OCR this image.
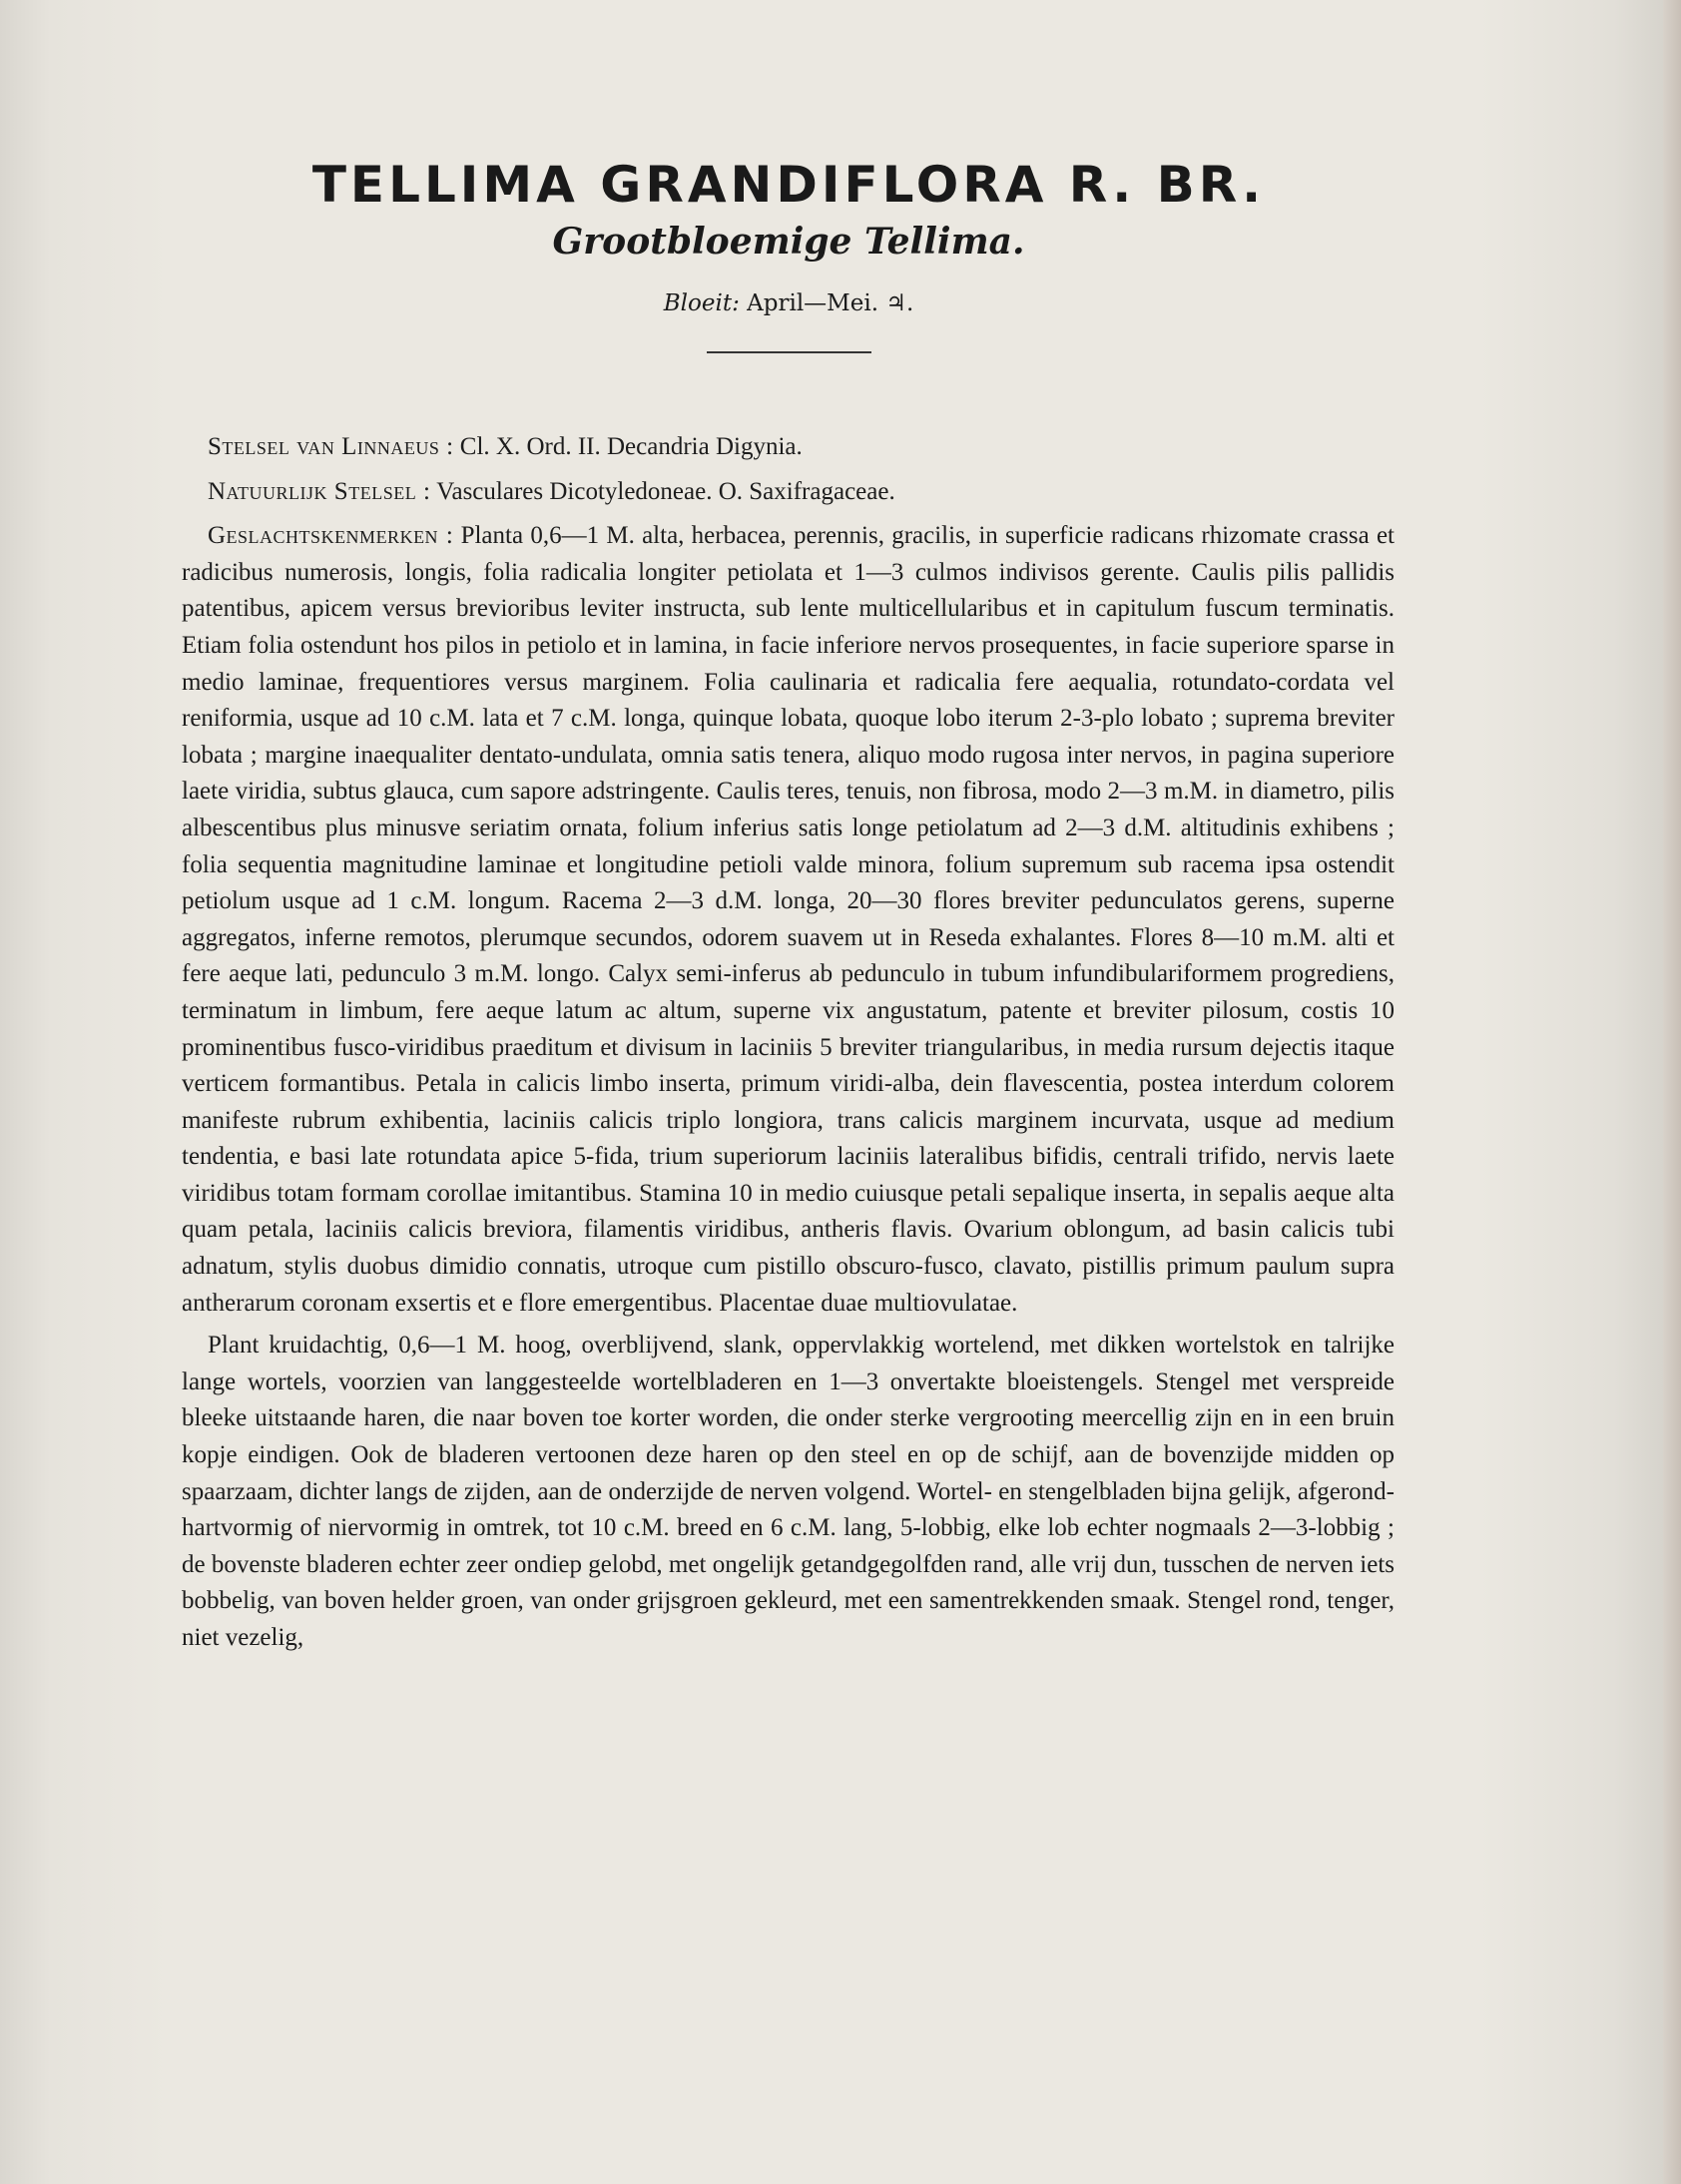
TELLIMA GRANDIFLORA R. BR.
Grootbloemige Tellima.
Bloeit: April—Mei. ♃.

Stelsel van Linnaeus : Cl. X. Ord. II. Decandria Digynia.

Natuurlijk Stelsel : Vasculares Dicotyledoneae. O. Saxifragaceae.

Geslachtskenmerken : Planta 0,6—1 M. alta, herbacea, perennis, gracilis, in superficie radicans rhizomate crassa et radicibus numerosis, longis, folia radicalia longiter petiolata et 1—3 culmos indivisos gerente. Caulis pilis pallidis patentibus, apicem versus brevioribus leviter instructa, sub lente multicellularibus et in capitulum fuscum terminatis. Etiam folia ostendunt hos pilos in petiolo et in lamina, in facie inferiore nervos prosequentes, in facie superiore sparse in medio laminae, frequentiores versus marginem. Folia caulinaria et radicalia fere aequalia, rotundato-cordata vel reniformia, usque ad 10 c.M. lata et 7 c.M. longa, quinque lobata, quoque lobo iterum 2-3-plo lobato ; suprema breviter lobata ; margine inaequaliter dentato-undulata, omnia satis tenera, aliquo modo rugosa inter nervos, in pagina superiore laete viridia, subtus glauca, cum sapore adstringente. Caulis teres, tenuis, non fibrosa, modo 2—3 m.M. in diametro, pilis albescentibus plus minusve seriatim ornata, folium inferius satis longe petiolatum ad 2—3 d.M. altitudinis exhibens ; folia sequentia magnitudine laminae et longitudine petioli valde minora, folium supremum sub racema ipsa ostendit petiolum usque ad 1 c.M. longum. Racema 2—3 d.M. longa, 20—30 flores breviter pedunculatos gerens, superne aggregatos, inferne remotos, plerumque secundos, odorem suavem ut in Reseda exhalantes. Flores 8—10 m.M. alti et fere aeque lati, pedunculo 3 m.M. longo. Calyx semi-inferus ab pedunculo in tubum infundibulariformem progrediens, terminatum in limbum, fere aeque latum ac altum, superne vix angustatum, patente et breviter pilosum, costis 10 prominentibus fusco-viridibus praeditum et divisum in laciniis 5 breviter triangularibus, in media rursum dejectis itaque verticem formantibus. Petala in calicis limbo inserta, primum viridi-alba, dein flavescentia, postea interdum colorem manifeste rubrum exhibentia, laciniis calicis triplo longiora, trans calicis marginem incurvata, usque ad medium tendentia, e basi late rotundata apice 5-fida, trium superiorum laciniis lateralibus bifidis, centrali trifido, nervis laete viridibus totam formam corollae imitantibus. Stamina 10 in medio cuiusque petali sepalique inserta, in sepalis aeque alta quam petala, laciniis calicis breviora, filamentis viridibus, antheris flavis. Ovarium oblongum, ad basin calicis tubi adnatum, stylis duobus dimidio connatis, utroque cum pistillo obscuro-fusco, clavato, pistillis primum paulum supra antherarum coronam exsertis et e flore emergentibus. Placentae duae multiovulatae.

Plant kruidachtig, 0,6—1 M. hoog, overblijvend, slank, oppervlakkig wortelend, met dikken wortelstok en talrijke lange wortels, voorzien van langgesteelde wortelbladeren en 1—3 onvertakte bloeistengels. Stengel met verspreide bleeke uitstaande haren, die naar boven toe korter worden, die onder sterke vergrooting meercellig zijn en in een bruin kopje eindigen. Ook de bladeren vertoonen deze haren op den steel en op de schijf, aan de bovenzijde midden op spaarzaam, dichter langs de zijden, aan de onderzijde de nerven volgend. Wortel- en stengelbladen bijna gelijk, afgerond-hartvormig of niervormig in omtrek, tot 10 c.M. breed en 6 c.M. lang, 5-lobbig, elke lob echter nogmaals 2—3-lobbig ; de bovenste bladeren echter zeer ondiep gelobd, met ongelijk getandgegolfden rand, alle vrij dun, tusschen de nerven iets bobbelig, van boven helder groen, van onder grijsgroen gekleurd, met een samentrekkenden smaak. Stengel rond, tenger, niet vezelig,
